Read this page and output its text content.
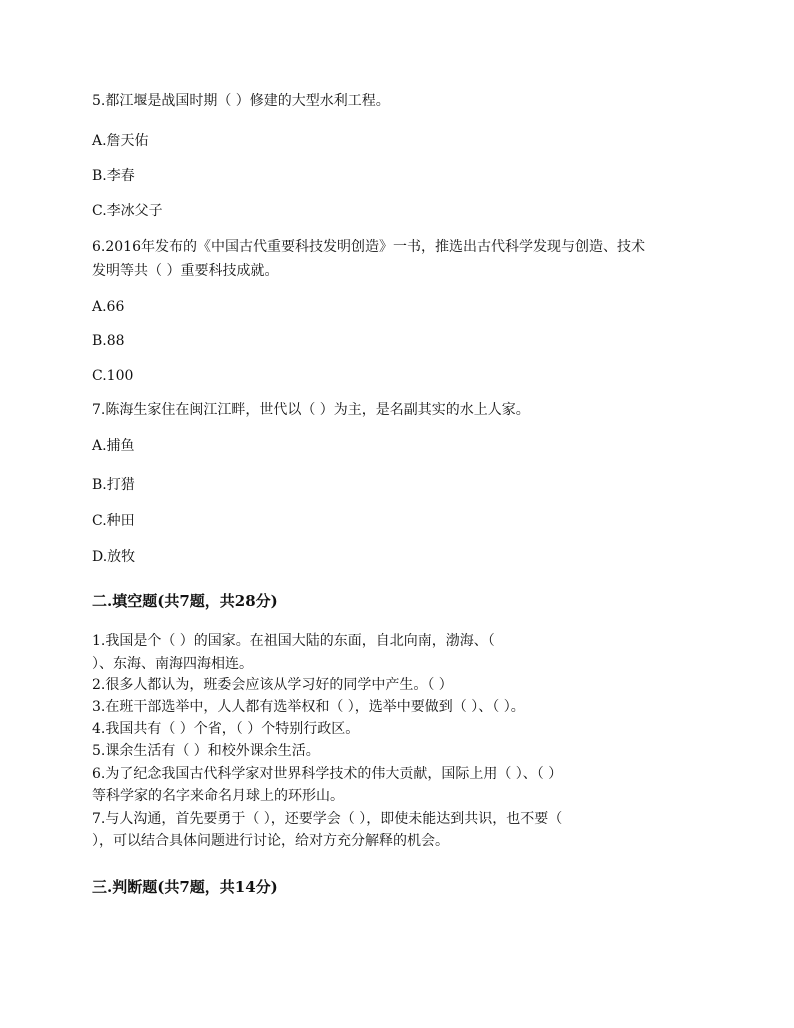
5.都江堰是战国时期（ ）修建的大型水利工程。
A.詹天佑
B.李春
C.李冰父子
6.2016年发布的《中国古代重要科技发明创造》一书，推选出古代科学发现与创造、技术
发明等共（ ）重要科技成就。
A.66
B.88
C.100
7.陈海生家住在闽江江畔，世代以（ ）为主，是名副其实的水上人家。
A.捕鱼
B.打猎
C.种田
D.放牧
二.填空题(共7题，共28分)
1.我国是个（ ）的国家。在祖国大陆的东面，自北向南，渤海、（
）、东海、南海四海相连。
2.很多人都认为，班委会应该从学习好的同学中产生。（ ）
3.在班干部选举中，人人都有选举权和（ ），选举中要做到（ ）、（ ）。
4.我国共有（ ）个省，（ ）个特别行政区。
5.课余生活有（ ）和校外课余生活。
6.为了纪念我国古代科学家对世界科学技术的伟大贡献，国际上用（ ）、（ ）
等科学家的名字来命名月球上的环形山。
7.与人沟通，首先要勇于（ ），还要学会（ ），即使未能达到共识，也不要（
），可以结合具体问题进行讨论，给对方充分解释的机会。
三.判断题(共7题，共14分)
